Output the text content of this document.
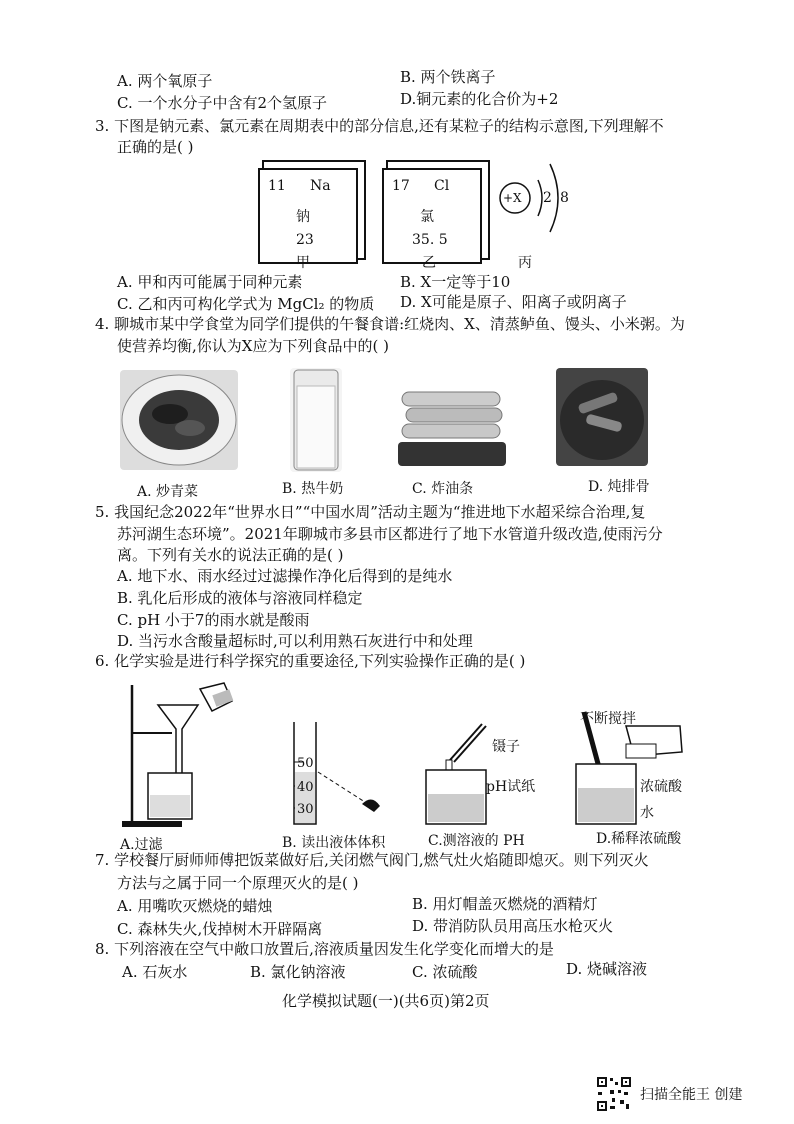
A. 两个氧原子	B. 两个铁离子
C. 一个水分子中含有2个氢原子	D.铜元素的化合价为+2
3. 下图是钠元素、氯元素在周期表中的部分信息,还有某粒子的结构示意图,下列理解不
正确的是( )
11 Na
钠
23
甲
17 Cl
氯
35. 5
乙
+X 2 8
丙
A. 甲和丙可能属于同种元素	B. X一定等于10
C. 乙和丙可构化学式为 MgCl₂ 的物质 D. X可能是原子、阳离子或阴离子
4. 聊城市某中学食堂为同学们提供的午餐食谱:红烧肉、X、清蒸鲈鱼、馒头、小米粥。为
使营养均衡,你认为X应为下列食品中的( )
A. 炒青菜	B. 热牛奶	C. 炸油条	D. 炖排骨
5. 我国纪念2022年“世界水日”“中国水周”活动主题为“推进地下水超采综合治理,复
苏河湖生态环境”。2021年聊城市多县市区都进行了地下水管道升级改造,使雨污分
离。下列有关水的说法正确的是( )
A. 地下水、雨水经过过滤操作净化后得到的是纯水
B. 乳化后形成的液体与溶液同样稳定
C. pH 小于7的雨水就是酸雨
D. 当污水含酸量超标时,可以利用熟石灰进行中和处理
6. 化学实验是进行科学探究的重要途径,下列实验操作正确的是( )
50
40
30
镊子
pH试纸
不断搅拌
浓硫酸
水
A.过滤	B. 读出液体体积	C.测溶液的 PH	D.稀释浓硫酸
7. 学校餐厅厨师师傅把饭菜做好后,关闭燃气阀门,燃气灶火焰随即熄灭。则下列灭火
方法与之属于同一个原理灭火的是( )
A. 用嘴吹灭燃烧的蜡烛	B. 用灯帽盖灭燃烧的酒精灯
C. 森林失火,伐掉树木开辟隔离	D. 带消防队员用高压水枪灭火
8. 下列溶液在空气中敞口放置后,溶液质量因发生化学变化而增大的是
A. 石灰水	B. 氯化钠溶液	C. 浓硫酸	D. 烧碱溶液
化学模拟试题(一)(共6页)第2页
扫描全能王 创建
